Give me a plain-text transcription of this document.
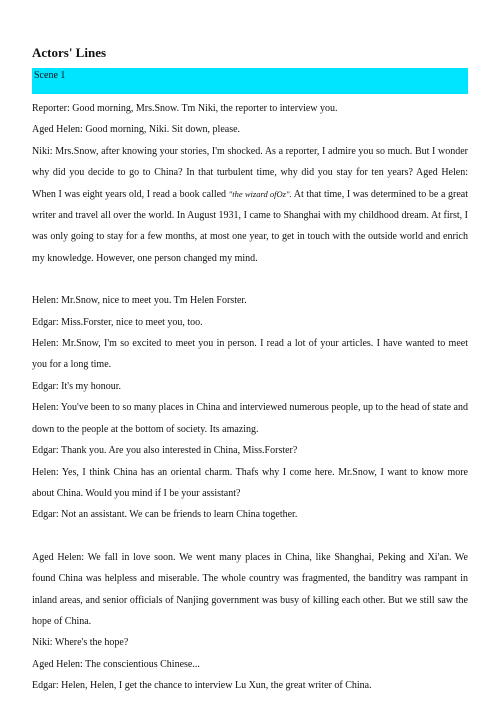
Actors' Lines
Scene 1

Reporter: Good morning, Mrs.Snow. Tm Niki, the reporter to interview you.

Aged Helen: Good morning, Niki. Sit down, please.

Niki: Mrs.Snow, after knowing your stories, I'm shocked. As a reporter, I admire you so much. But I wonder why did you decide to go to China? In that turbulent time, why did you stay for ten years? Aged Helen: When I was eight years old, I read a book called "the wizard ofOz". At that time, I was determined to be a great writer and travel all over the world. In August 1931, I came to Shanghai with my childhood dream. At first, I was only going to stay for a few months, at most one year, to get in touch with the outside world and enrich my knowledge. However, one person changed my mind.

Helen: Mr.Snow, nice to meet you. Tm Helen Forster.

Edgar: Miss.Forster, nice to meet you, too.

Helen: Mr.Snow, I'm so excited to meet you in person. I read a lot of your articles. I have wanted to meet you for a long time.

Edgar: It's my honour.

Helen: You've been to so many places in China and interviewed numerous people, up to the head of state and down to the people at the bottom of society. Its amazing.

Edgar: Thank you. Are you also interested in China, Miss.Forster?

Helen: Yes, I think China has an oriental charm. Thafs why I come here. Mr.Snow, I want to know more about China. Would you mind if I be your assistant?

Edgar: Not an assistant. We can be friends to learn China together.

Aged Helen: We fall in love soon. We went many places in China, like Shanghai, Peking and Xi'an. We found China was helpless and miserable. The whole country was fragmented, the banditry was rampant in inland areas, and senior officials of Nanjing government was busy of killing each other. But we still saw the hope of China.

Niki: Where's the hope?

Aged Helen: The conscientious Chinese...

Edgar: Helen, Helen, I get the chance to interview Lu Xun, the great writer of China.
